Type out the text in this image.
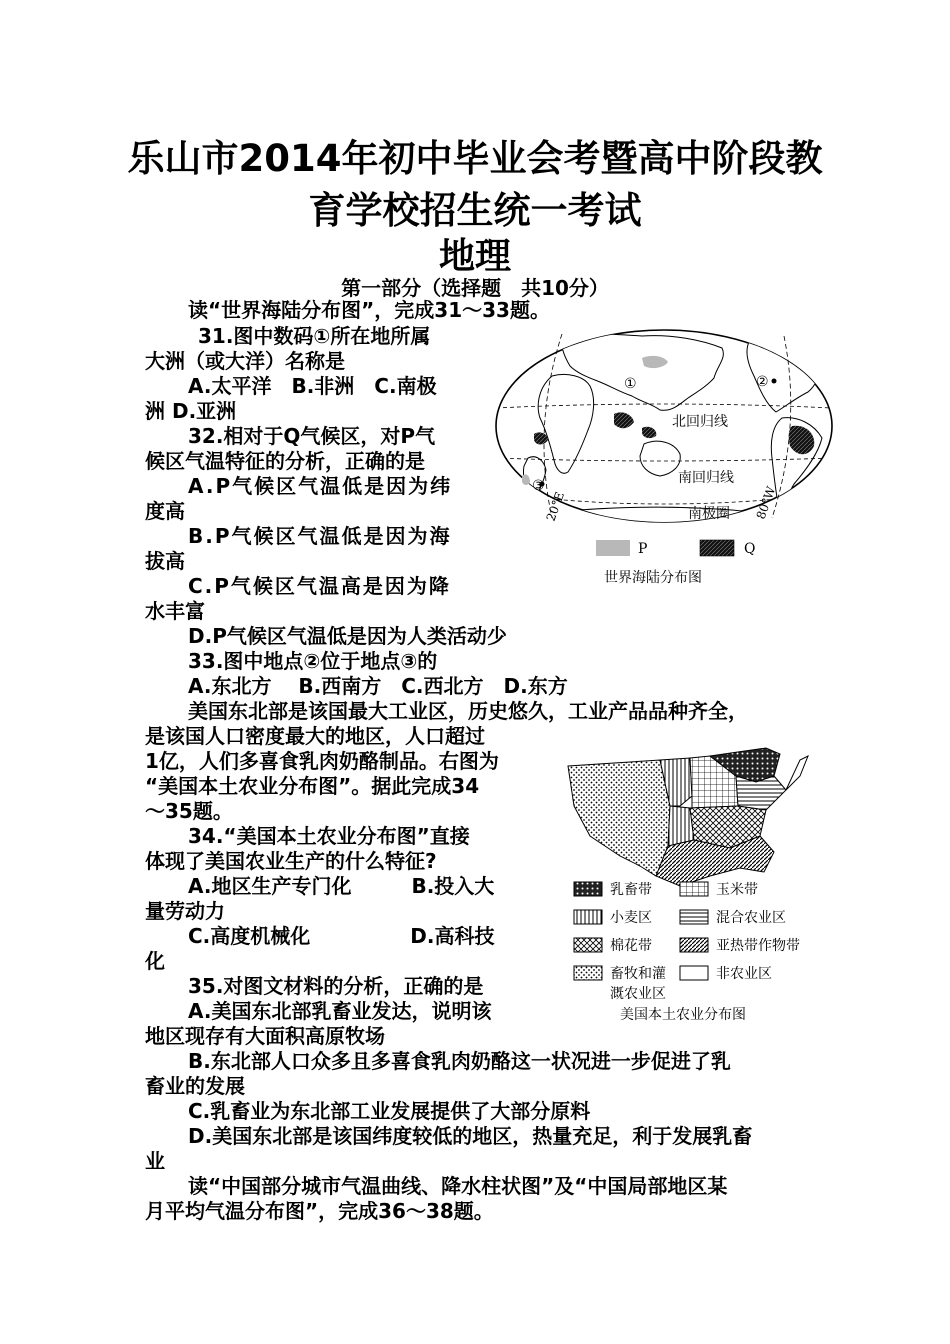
乐山市2014年初中毕业会考暨高中阶段教
育学校招生统一考试
地理
第一部分（选择题　共10分）
读“世界海陆分布图”，完成31～33题。
31.图中数码①所在地所属
大洲（或大洋）名称是
A.太平洋　B.非洲　C.南极
洲 D.亚洲
32.相对于Q气候区，对P气
候区气温特征的分析，正确的是
A.P气候区气温低是因为纬
度高
B.P气候区气温低是因为海
拔高
C.P气候区气温高是因为降
水丰富
D.P气候区气温低是因为人类活动少
33.图中地点②位于地点③的
A.东北方　 B.西南方　C.西北方　D.东方
美国东北部是该国最大工业区，历史悠久，工业产品品种齐全，
是该国人口密度最大的地区，人口超过
1亿，人们多喜食乳肉奶酪制品。右图为
“美国本土农业分布图”。据此完成34
～35题。
34.“美国本土农业分布图”直接
体现了美国农业生产的什么特征?
A.地区生产专门化　　　B.投入大
量劳动力
C.高度机械化　　　　　D.高科技
化
35.对图文材料的分析，正确的是
A.美国东北部乳畜业发达，说明该
地区现存有大面积高原牧场
B.东北部人口众多且多喜食乳肉奶酪这一状况进一步促进了乳
畜业的发展
C.乳畜业为东北部工业发展提供了大部分原料
D.美国东北部是该国纬度较低的地区，热量充足，利于发展乳畜
业
读“中国部分城市气温曲线、降水柱状图”及“中国局部地区某
月平均气温分布图”，完成36～38题。
①	②
③
北回归线
南回归线
南极圈
20°E	80°W
P	Q
世界海陆分布图
乳畜带	玉米带
小麦区	混合农业区
棉花带	亚热带作物带
畜牧和灌	非农业区
溉农业区
美国本土农业分布图
